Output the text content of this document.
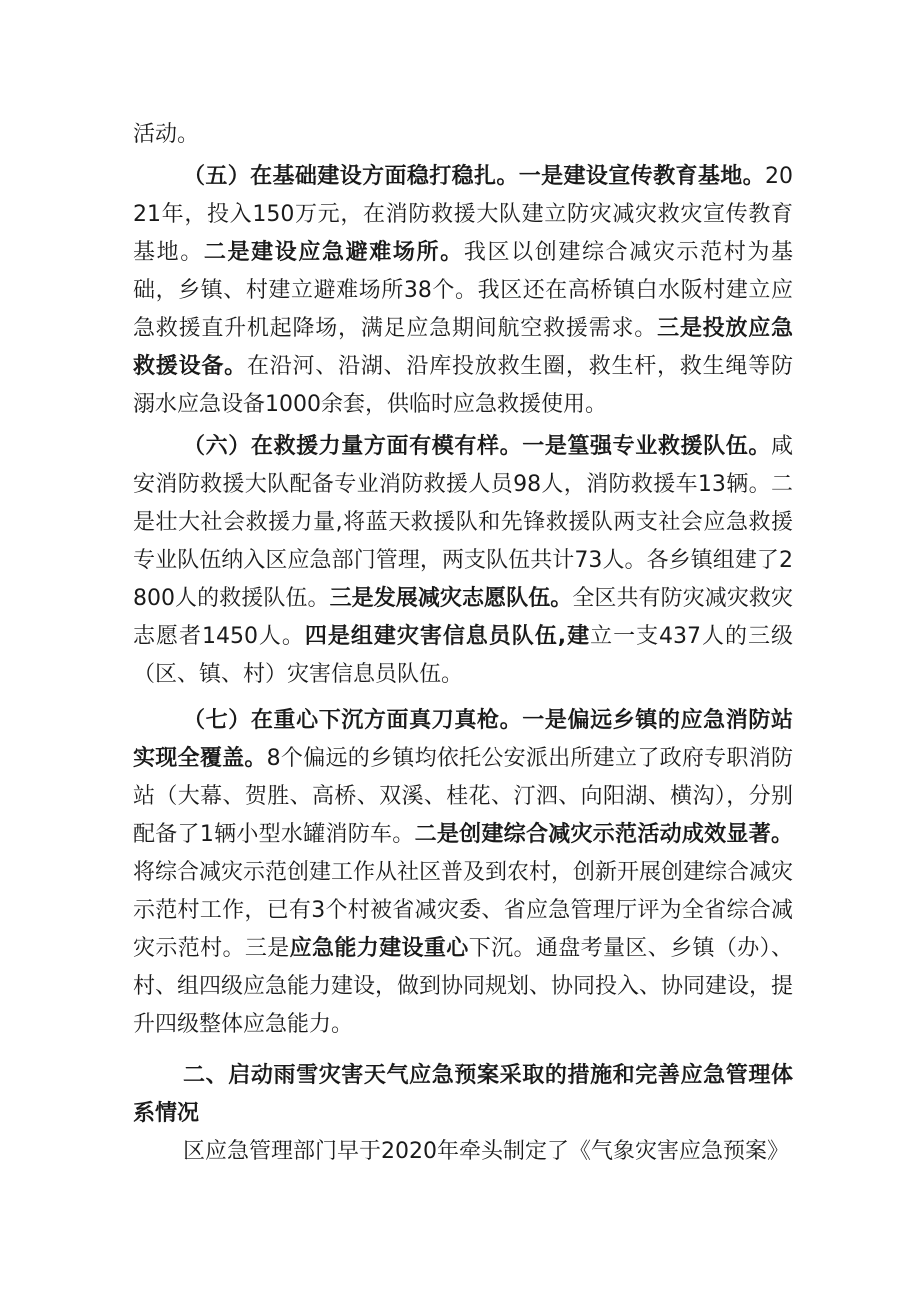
活动。

（五）在基础建设方面稳打稳扎。一是建设宣传教育基地。2021年，投入150万元，在消防救援大队建立防灾减灾救灾宣传教育基地。二是建设应急避难场所。我区以创建综合减灾示范村为基础，乡镇、村建立避难场所38个。我区还在高桥镇白水阪村建立应急救援直升机起降场，满足应急期间航空救援需求。三是投放应急救援设备。在沿河、沿湖、沿库投放救生圈，救生杆，救生绳等防溺水应急设备1000余套，供临时应急救援使用。

（六）在救援力量方面有模有样。一是篁强专业救援队伍。咸安消防救援大队配备专业消防救援人员98人，消防救援车13辆。二是壮大社会救援力量,将蓝天救援队和先锋救援队两支社会应急救援专业队伍纳入区应急部门管理，两支队伍共计73人。各乡镇组建了2800人的救援队伍。三是发展减灾志愿队伍。全区共有防灾减灾救灾志愿者1450人。四是组建灾害信息员队伍,建立一支437人的三级（区、镇、村）灾害信息员队伍。

（七）在重心下沉方面真刀真枪。一是偏远乡镇的应急消防站实现全覆盖。8个偏远的乡镇均依托公安派出所建立了政府专职消防站（大幕、贺胜、高桥、双溪、桂花、汀泗、向阳湖、横沟），分别配备了1辆小型水罐消防车。二是创建综合减灾示范活动成效显著。将综合减灾示范创建工作从社区普及到农村，创新开展创建综合减灾示范村工作，已有3个村被省减灾委、省应急管理厅评为全省综合减灾示范村。三是应急能力建设重心下沉。通盘考量区、乡镇（办）、村、组四级应急能力建设，做到协同规划、协同投入、协同建设，提升四级整体应急能力。

二、启动雨雪灾害天气应急预案采取的措施和完善应急管理体系情况

区应急管理部门早于2020年牵头制定了《气象灾害应急预案》
